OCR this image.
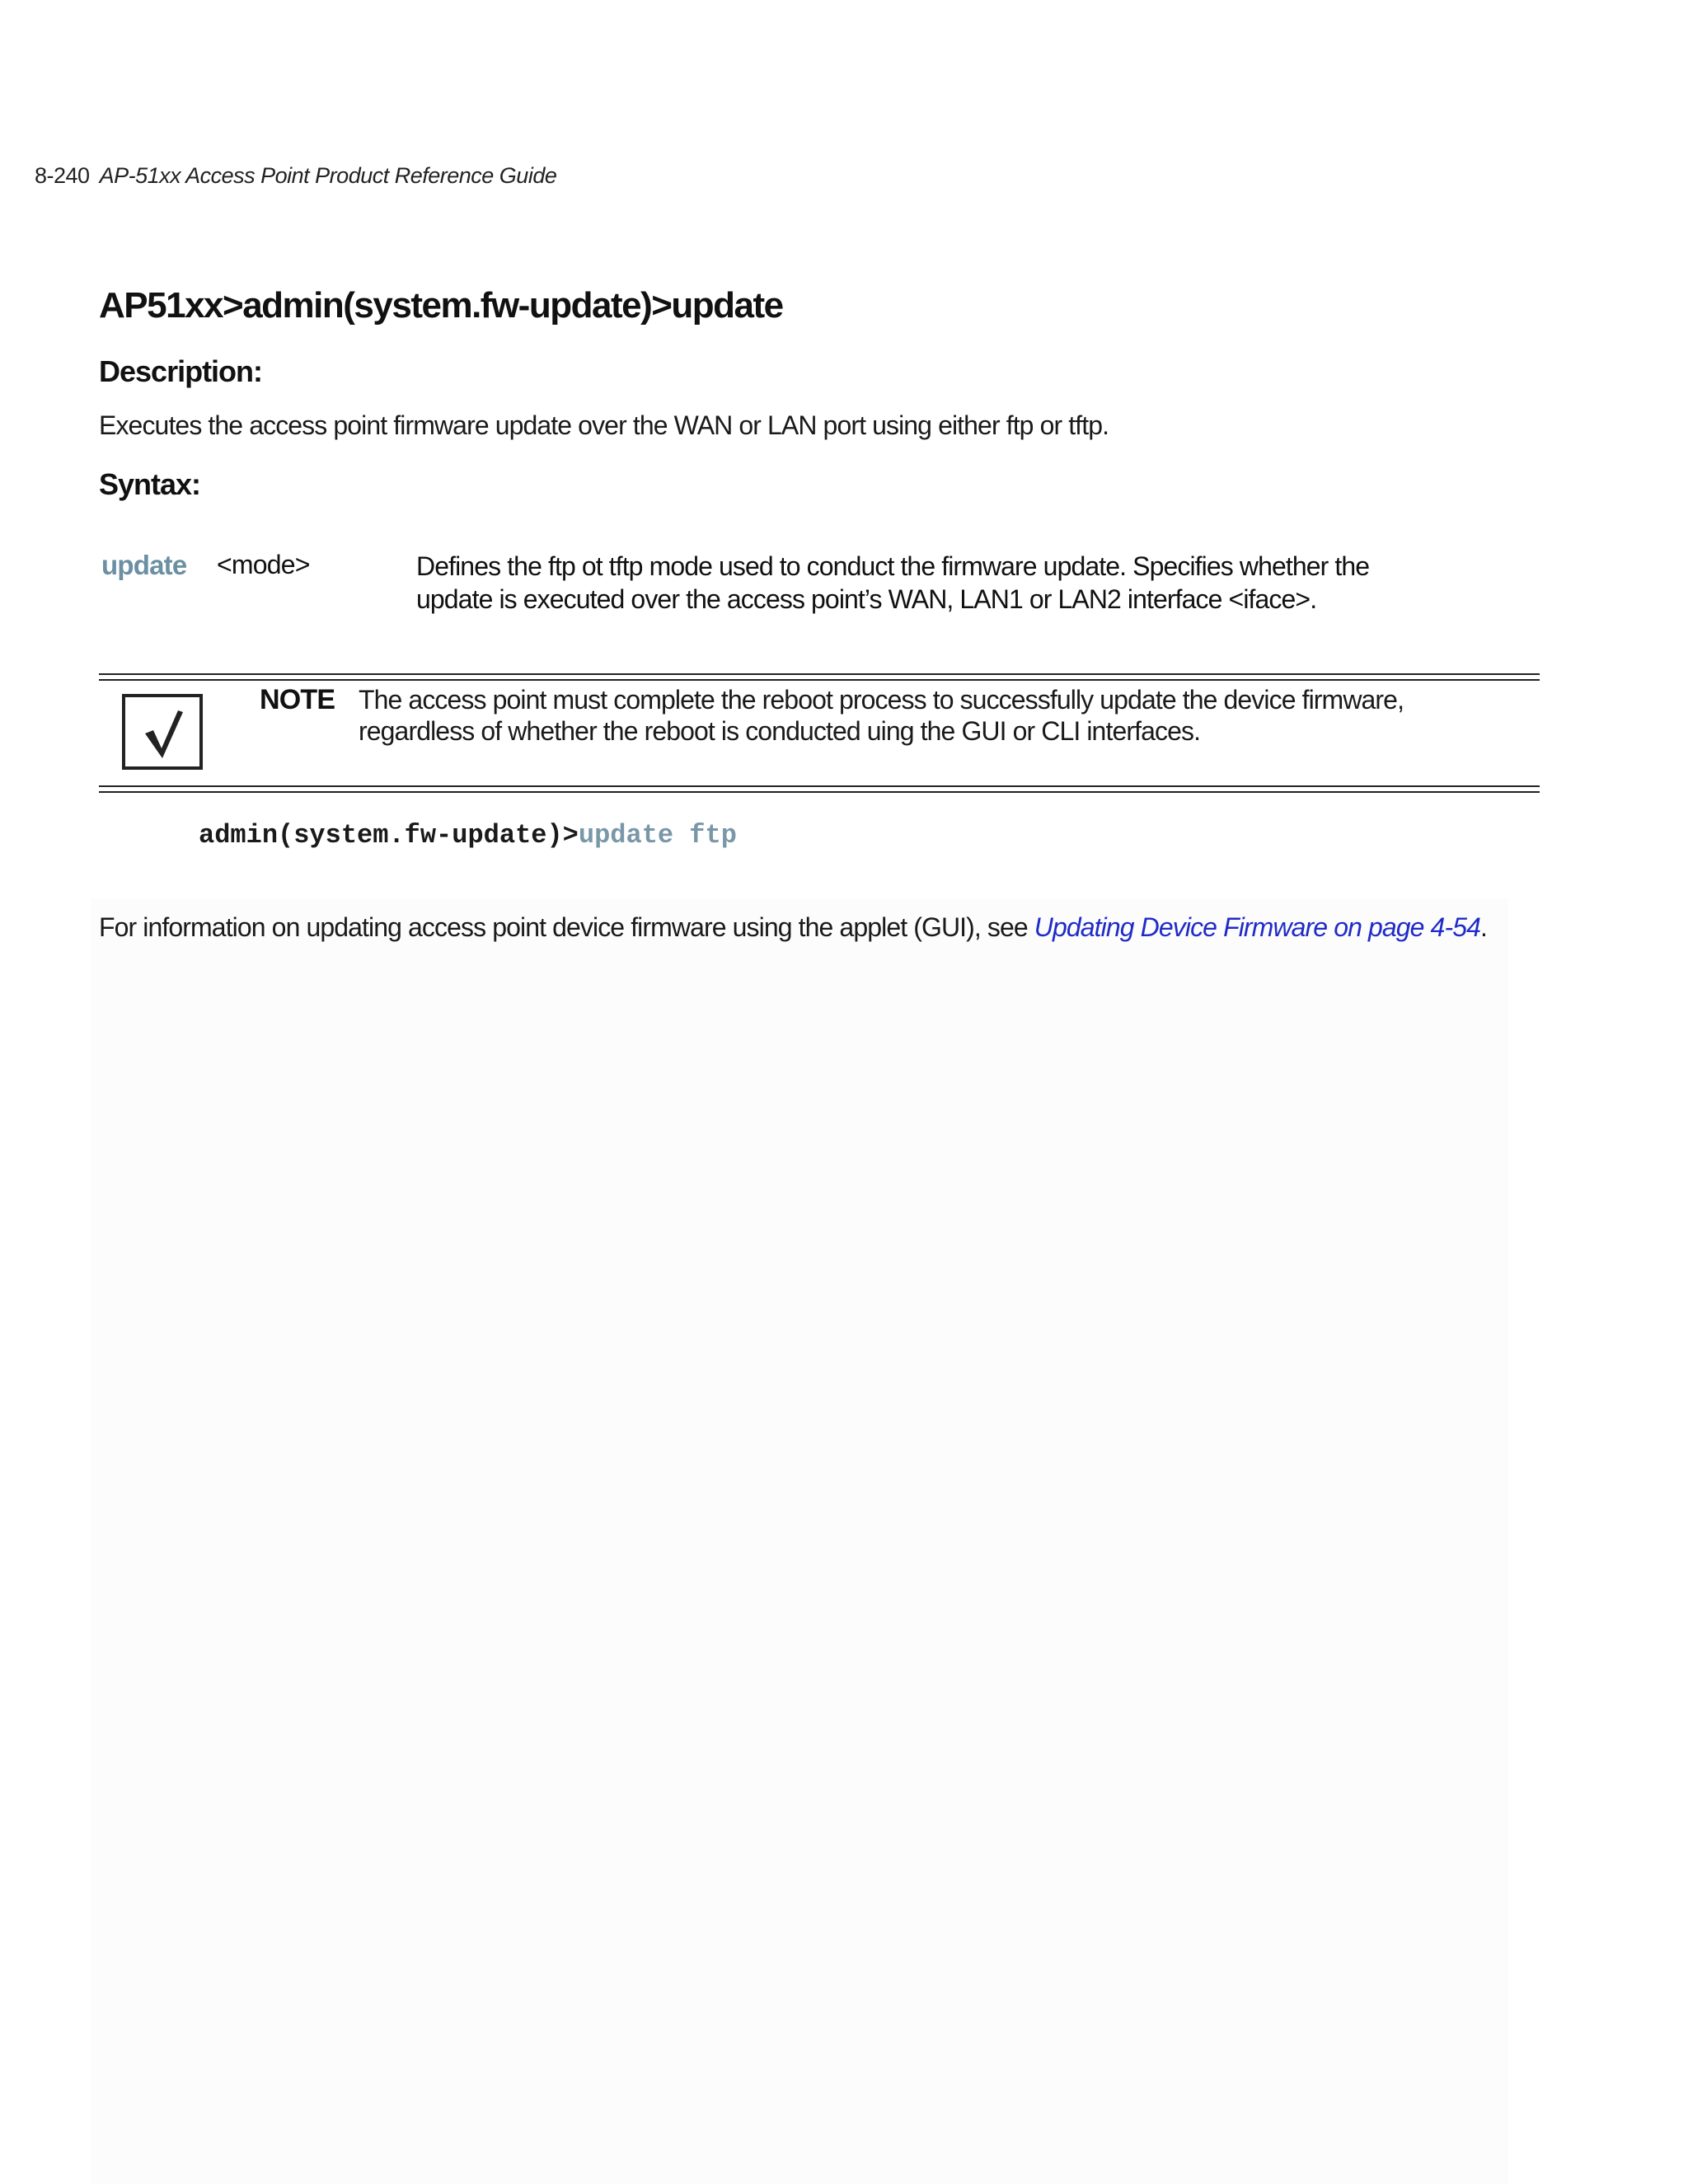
8-240 AP-51xx Access Point Product Reference Guide
AP51xx>admin(system.fw-update)>update
Description:
Executes the access point firmware update over the WAN or LAN port using either ftp or tftp.
Syntax:
update <mode>	Defines the ftp ot tftp mode used to conduct the firmware update. Specifies whether the
update is executed over the access point’s WAN, LAN1 or LAN2 interface <iface>.
NOTE The access point must complete the reboot process to successfully update the device firmware,
regardless of whether the reboot is conducted uing the GUI or CLI interfaces.
admin(system.fw-update)>update ftp
For information on updating access point device firmware using the applet (GUI), see Updating Device Firmware on page 4-54.
